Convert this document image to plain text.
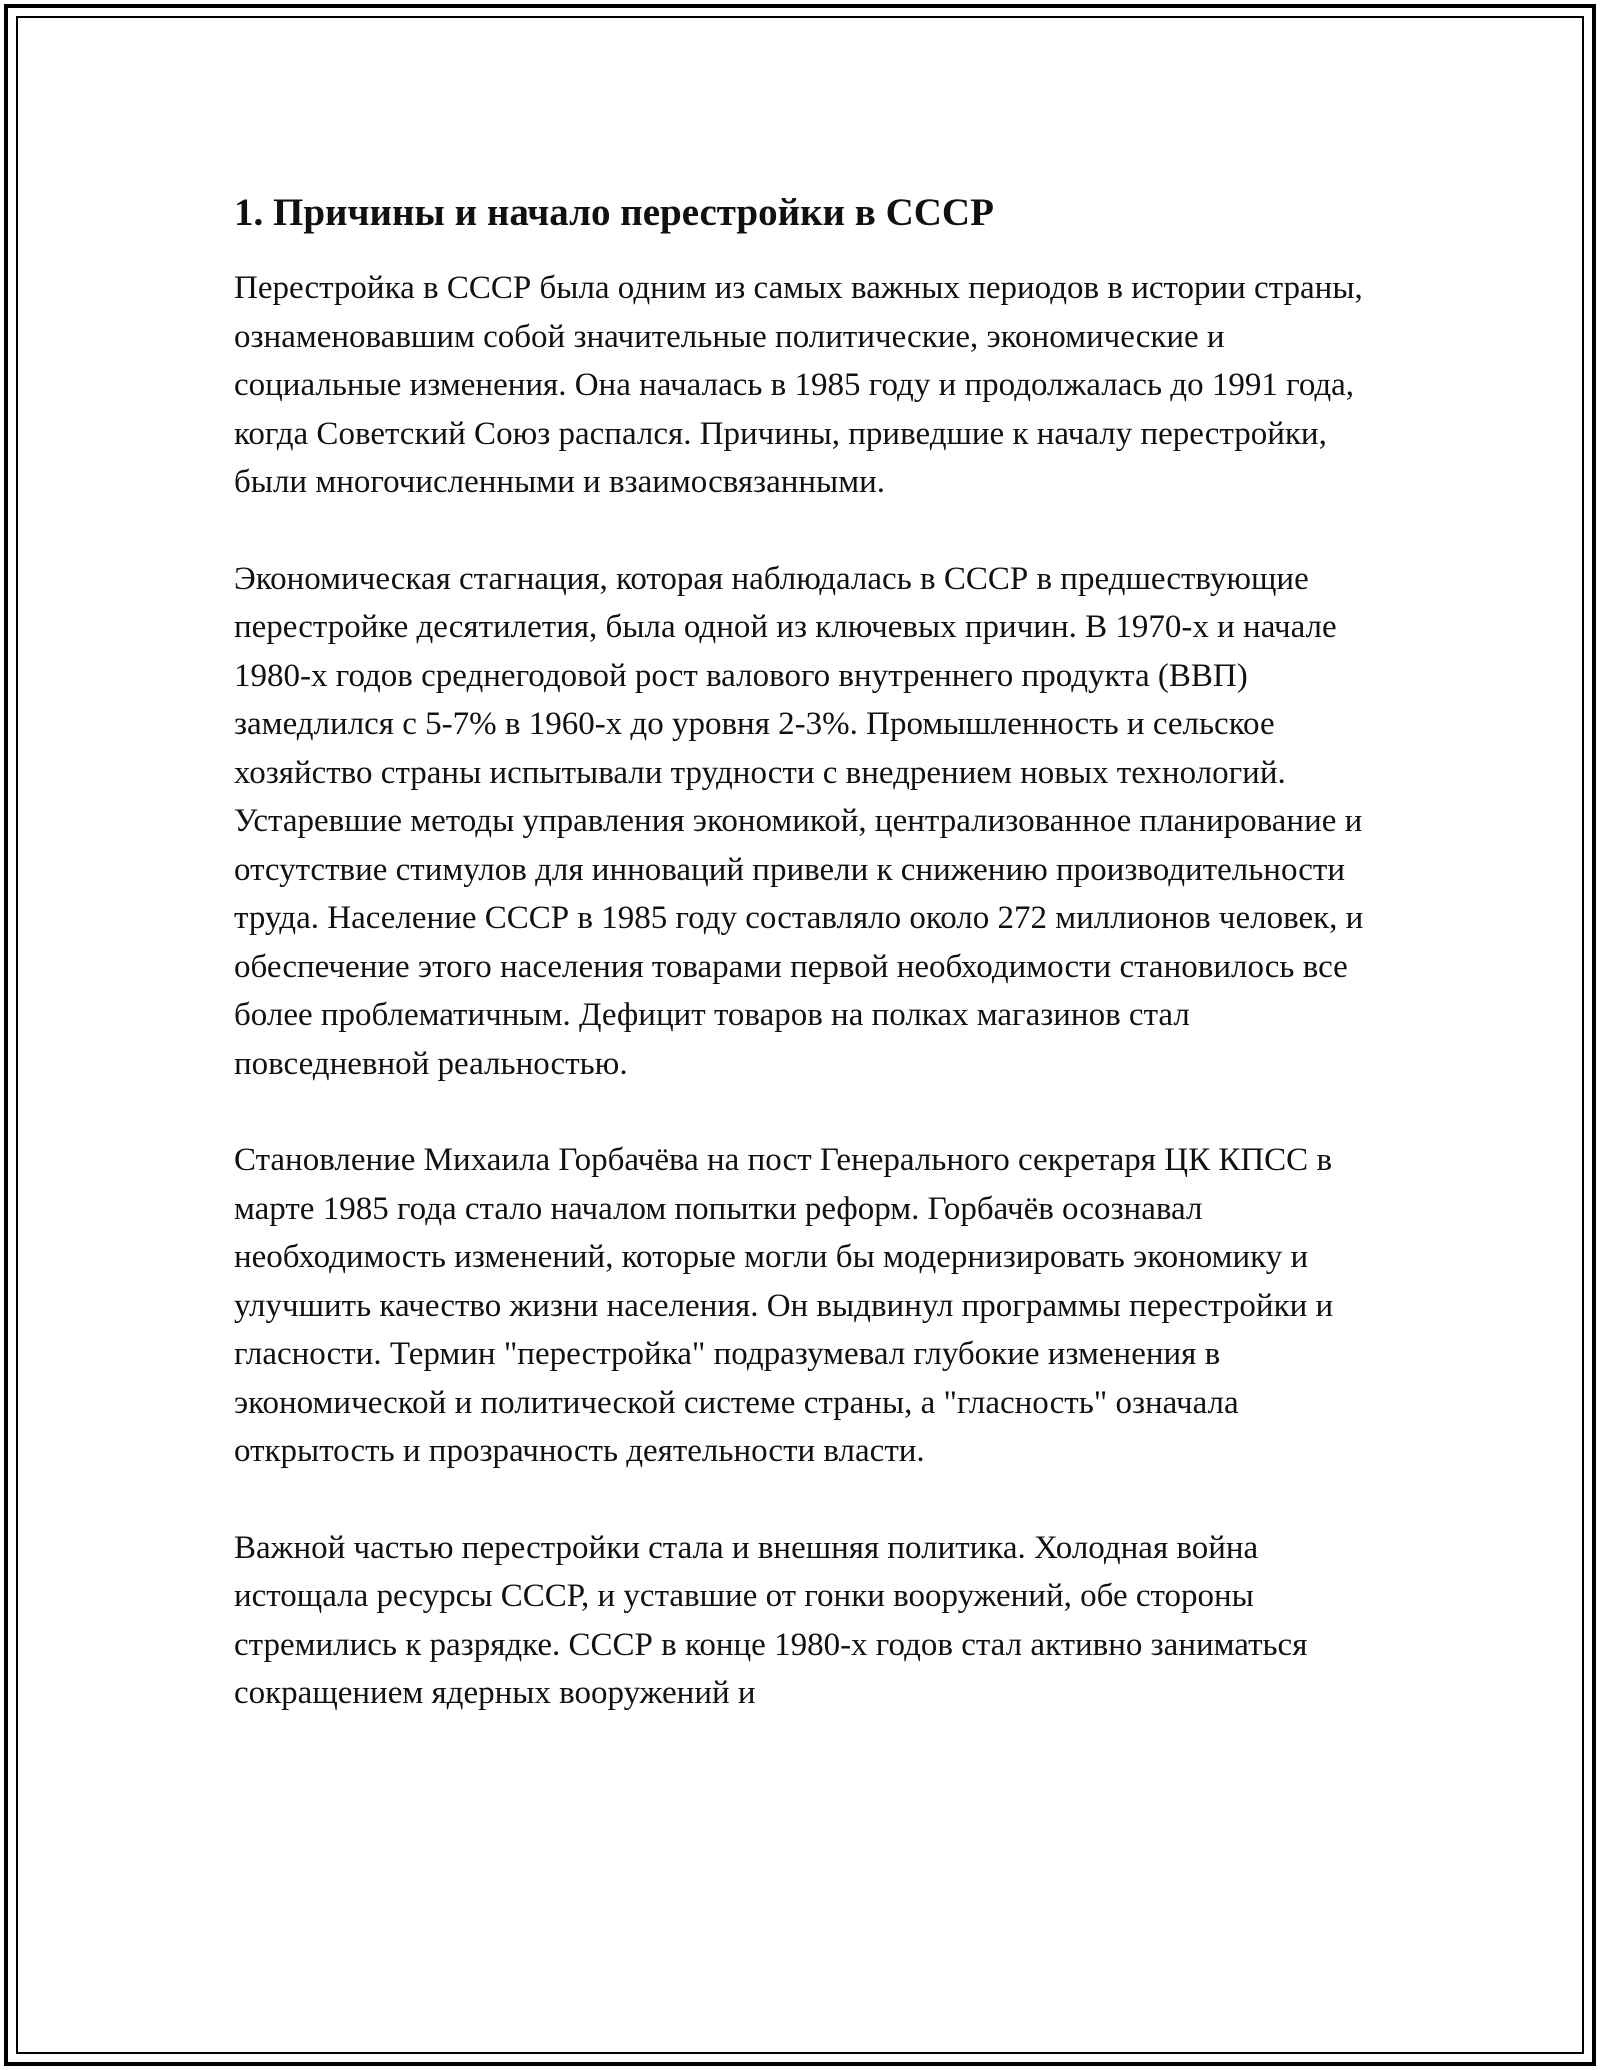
1. Причины и начало перестройки в СССР

Перестройка в СССР была одним из самых важных периодов в истории страны, ознаменовавшим собой значительные политические, экономические и социальные изменения. Она началась в 1985 году и продолжалась до 1991 года, когда Советский Союз распался. Причины, приведшие к началу перестройки, были многочисленными и взаимосвязанными.

Экономическая стагнация, которая наблюдалась в СССР в предшествующие перестройке десятилетия, была одной из ключевых причин. В 1970-х и начале 1980-х годов среднегодовой рост валового внутреннего продукта (ВВП) замедлился с 5-7% в 1960-х до уровня 2-3%. Промышленность и сельское хозяйство страны испытывали трудности с внедрением новых технологий. Устаревшие методы управления экономикой, централизованное планирование и отсутствие стимулов для инноваций привели к снижению производительности труда. Население СССР в 1985 году составляло около 272 миллионов человек, и обеспечение этого населения товарами первой необходимости становилось все более проблематичным. Дефицит товаров на полках магазинов стал повседневной реальностью.

Становление Михаила Горбачёва на пост Генерального секретаря ЦК КПСС в марте 1985 года стало началом попытки реформ. Горбачёв осознавал необходимость изменений, которые могли бы модернизировать экономику и улучшить качество жизни населения. Он выдвинул программы перестройки и гласности. Термин "перестройка" подразумевал глубокие изменения в экономической и политической системе страны, а "гласность" означала открытость и прозрачность деятельности власти.

Важной частью перестройки стала и внешняя политика. Холодная война истощала ресурсы СССР, и уставшие от гонки вооружений, обе стороны стремились к разрядке. СССР в конце 1980-х годов стал активно заниматься сокращением ядерных вооружений и
